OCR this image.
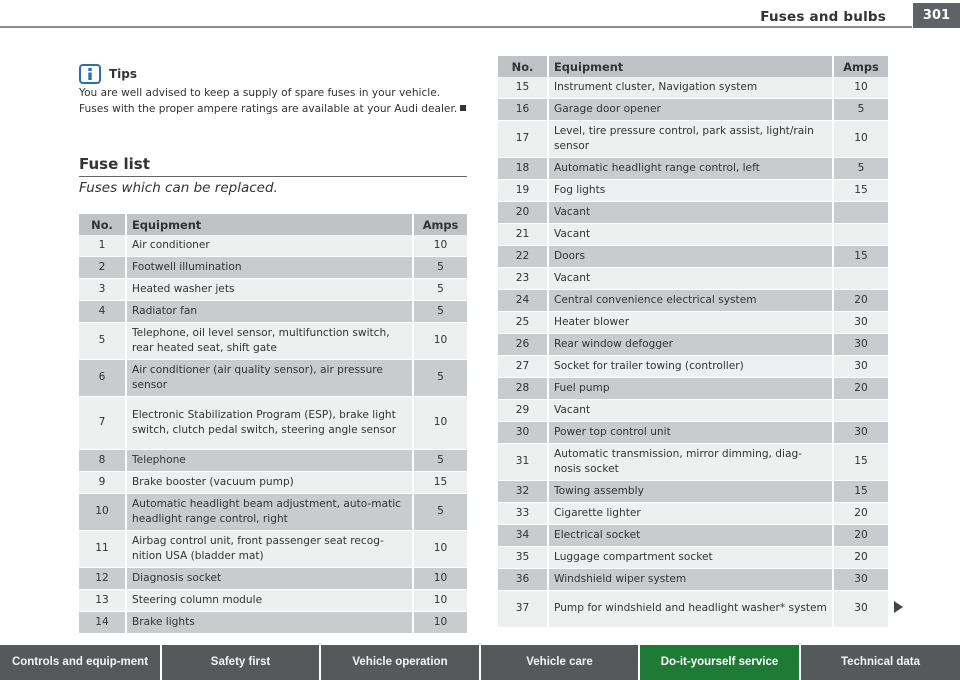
Fuses and bulbs	301
Tips
You are well advised to keep a supply of spare fuses in your vehicle. Fuses with the proper ampere ratings are available at your Audi dealer.
Fuse list
Fuses which can be replaced.
No.	Equipment	Amps
1	Air conditioner	10
2	Footwell illumination	5
3	Heated washer jets	5
4	Radiator fan	5
5	Telephone, oil level sensor, multifunction switch, rear heated seat, shift gate	10
6	Air conditioner (air quality sensor), air pressure sensor	5
7	Electronic Stabilization Program (ESP), brake light switch, clutch pedal switch, steering angle sensor	10
8	Telephone	5
9	Brake booster (vacuum pump)	15
10	Automatic headlight beam adjustment, auto-matic headlight range control, right	5
11	Airbag control unit, front passenger seat recog-nition USA (bladder mat)	10
12	Diagnosis socket	10
13	Steering column module	10
14	Brake lights	10
No.	Equipment	Amps
15	Instrument cluster, Navigation system	10
16	Garage door opener	5
17	Level, tire pressure control, park assist, light/rain sensor	10
18	Automatic headlight range control, left	5
19	Fog lights	15
20	Vacant	
21	Vacant	
22	Doors	15
23	Vacant	
24	Central convenience electrical system	20
25	Heater blower	30
26	Rear window defogger	30
27	Socket for trailer towing (controller)	30
28	Fuel pump	20
29	Vacant	
30	Power top control unit	30
31	Automatic transmission, mirror dimming, diag-nosis socket	15
32	Towing assembly	15
33	Cigarette lighter	20
34	Electrical socket	20
35	Luggage compartment socket	20
36	Windshield wiper system	30
37	Pump for windshield and headlight washer* system	30
Controls and equip-ment	Safety first	Vehicle operation	Vehicle care	Do-it-yourself service	Technical data
